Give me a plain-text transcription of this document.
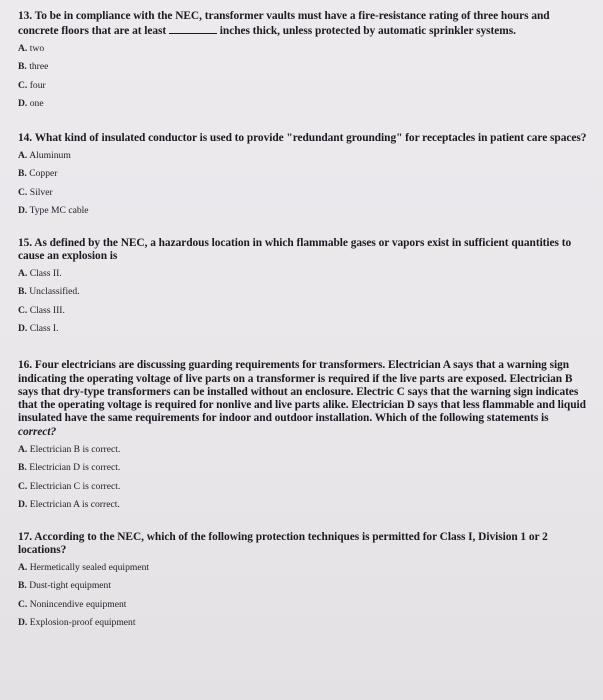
13. To be in compliance with the NEC, transformer vaults must have a fire-resistance rating of three hours and concrete floors that are at least	inches thick, unless protected by automatic sprinkler systems.

A. two
B. three
C. four
D. one

14. What kind of insulated conductor is used to provide "redundant grounding" for receptacles in patient care spaces?

A. Aluminum
B. Copper
C. Silver
D. Type MC cable

15. As defined by the NEC, a hazardous location in which flammable gases or vapors exist in sufficient quantities to cause an explosion is

A. Class II.
B. Unclassified.
C. Class III.
D. Class I.

16. Four electricians are discussing guarding requirements for transformers. Electrician A says that a warning sign indicating the operating voltage of live parts on a transformer is required if the live parts are exposed. Electrician B says that dry-type transformers can be installed without an enclosure. Electric C says that the warning sign indicates that the operating voltage is required for nonlive and live parts alike. Electrician D says that less flammable and liquid insulated have the same requirements for indoor and outdoor installation. Which of the following statements is correct?

A. Electrician B is correct.
B. Electrician D is correct.
C. Electrician C is correct.
D. Electrician A is correct.

17. According to the NEC, which of the following protection techniques is permitted for Class I, Division 1 or 2 locations?

A. Hermetically sealed equipment
B. Dust-tight equipment
C. Nonincendive equipment
D. Explosion-proof equipment
